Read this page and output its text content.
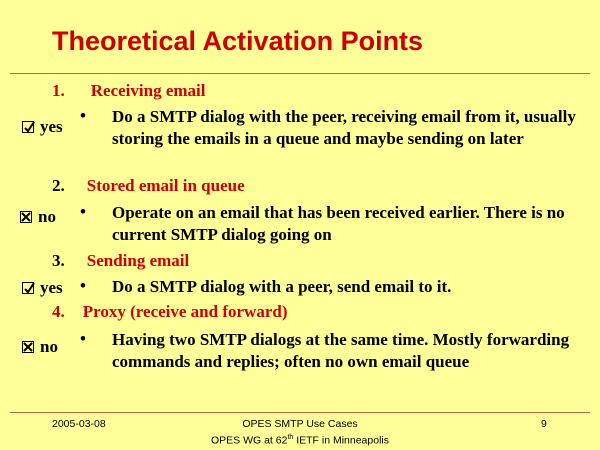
Theoretical Activation Points
1. Receiving email
yes
• Do a SMTP dialog with the peer, receiving email from it, usually storing the emails in a queue and maybe sending on later
2. Stored email in queue
no • Operate on an email that has been received earlier. There is no current SMTP dialog going on
3. Sending email
yes • Do a SMTP dialog with a peer, send email to it.
4. Proxy (receive and forward)
no • Having two SMTP dialogs at the same time. Mostly forwarding commands and replies; often no own email queue
2005-03-08	OPES SMTP Use Cases
OPES WG at 62th IETF in Minneapolis
9
